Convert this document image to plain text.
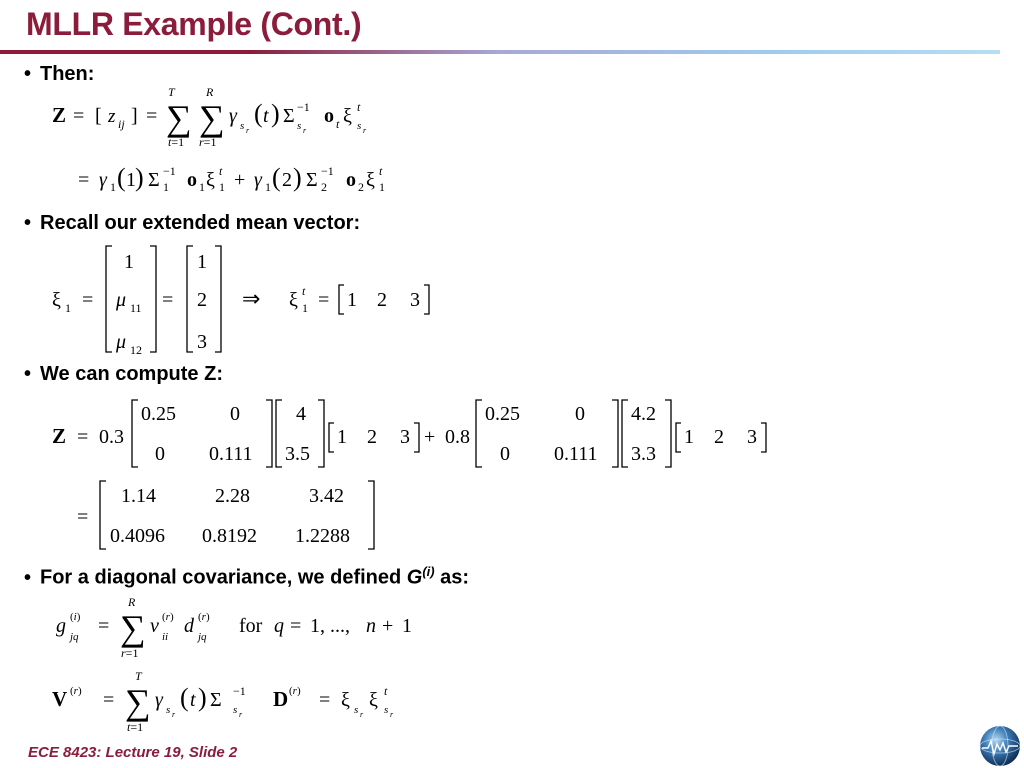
MLLR Example (Cont.)
• Then:
• Recall our extended mean vector:
• We can compute Z:
• For a diagonal covariance, we defined $G^{(i)}$ as:
Z = [ z ij ] =
T
∑
t=1
R
∑
r=1
γ s r
( t ) Σ −1
s r
o t ξ t
s r
= γ 1 ( 1 ) Σ −1
1 o 1 ξ t
1 + γ 1 ( 2 ) Σ −1
2 o 2 ξ t
1
ξ 1 =
1
μ 11
μ 12
=
1
2
3
⇒ ξ t
1 = 1 2 3
Z = 0.3
0.25	0
0 0.111
4
3.5
1 2 3 + 0.8
0.25	0
0 0.111
4.2
3.3
1 2 3
=
1.14	2.28	3.42
0.4096 0.8192 1.2288
g (i)
jq =
R
∑
r=1
v (r)
ii d (r)
jq for q = 1, ..., n + 1
V (r) =
T
∑
t=1
γ s r
( t ) Σ −1
s r
D (r) = ξ s r
ξ t
s r
ECE 8423: Lecture 19, Slide 2
